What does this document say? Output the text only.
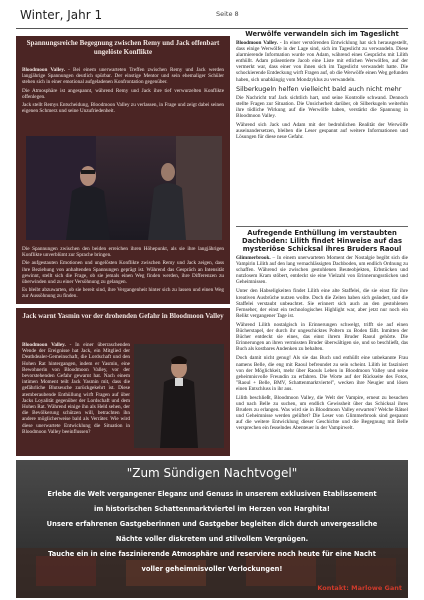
Winter, Jahr 1	Seite 8

Spannungsreiche Begegnung zwischen Remy und Jack offenbart ungelöste Konflikte

Bloodmoon Valley. - Bei einem unerwarteten Treffen zwischen Remy und Jack werden langjährige Spannungen deutlich spürbar. Der einstige Mentor und sein ehemaliger Schüler stehen sich in einer emotional aufgeladenen Konfrontation gegenüber.

Die Atmosphäre ist angespannt, während Remy und Jack ihre tief verwurzelten Konflikte offenlegen.

Jack stellt Remys Entscheidung, Bloodmoon Valley zu verlassen, in Frage und zeigt dabei seinen eigenen Schmerz und seine Unzufriedenheit.

Die Spannungen zwischen den beiden erreichen ihren Höhepunkt, als sie ihre langjährigen Konflikte unverblümt zur Sprache bringen.

Die aufgestauten Emotionen und ungelösten Konflikte zwischen Remy und Jack zeigen, dass ihre Beziehung von anhaltenden Spannungen geprägt ist. Während das Gespräch an Intensität gewinnt, stellt sich die Frage, ob sie jemals einen Weg finden werden, ihre Differenzen zu überwinden und zu einer Versöhnung zu gelangen.

Es bleibt abzuwarten, ob sie bereit sind, ihre Vergangenheit hinter sich zu lassen und einen Weg zur Aussöhnung zu finden.

Jack warnt Yasmin vor der drohenden Gefahr in Bloodmoon Valley

Bloodmoon Valley. - In einer überraschenden Wende der Ereignisse hat Jack, ein Mitglied der Deathdealer-Gemeinschaft, die Lordschaft und den Hohen Rat hintergangen, indem er Yasmin, eine Bewohnerin von Bloodmoon Valley, vor der bevorstehenden Gefahr gewarnt hat. Nach einem intimen Moment teilt Jack Yasmin mit, dass die gefährliche Blutseuche zurückgekehrt ist. Diese atemberaubende Enthüllung wirft Fragen auf über Jacks Loyalität gegenüber der Lordschaft und dem Hohen Rat. Während einige ihn als Held sehen, der die Bevölkerung schützen will, betrachten ihn andere möglicherweise bald als Verräter. Wie wird diese unerwartete Entwicklung die Situation in Bloodmoon Valley beeinflussen?

Werwölfe verwandeln sich im Tageslicht

Bloodmoon Valley. - In einer verstörenden Entwicklung hat sich herausgestellt, dass einige Werwölfe in der Lage sind, sich im Tageslicht zu verwandeln. Diese alarmierende Information wurde von Adam, während eines Gesprächs mit Lilith enthüllt. Adam präsentierte Jacob eine Liste mit etlichen Werwölfen, auf der vermerkt war, dass einer von ihnen sich im Tageslicht verwandelt hatte. Die schockierende Entdeckung wirft Fragen auf, ob die Werwölfe einen Weg gefunden haben, sich unabhängig vom Mondzyklus zu verwandeln.

Silberkugeln helfen vielleicht bald auch nicht mehr

Die Nachricht traf Jack sichtlich hart, und seine Kontrolle schwand. Dennoch stellte Fragen zur Situation. Die Unsicherheit darüber, ob Silberkugeln weiterhin ihre tödliche Wirkung auf die Werwölfe haben, verstärkt die Spannung in Bloodmoon Valley.

Während sich Jack und Adam mit der bedrohlichen Realität der Werwölfe auseinandersetzen, bleiben die Leser gespannt auf weitere Informationen und Lösungen für diese neue Gefahr.

Aufregende Enthüllung im verstaubten Dachboden: Lilith findet Hinweise auf das mysteriöse Schicksal ihres Bruders Raoul

Glimmerbrook. – In einem unerwarteten Moment der Nostalgie begibt sich die Vampirin Lilith auf den lang vernachlässigten Dachboden, um endlich Ordnung zu schaffen. Während sie zwischen gestohlenen Beuteobjekten, Erbstücken und nutzlosem Kram stöbert, entdeckt sie eine Vielzahl von Erinnerungsstücken und Geheimnissen.

Unter den Habseligkeiten findet Lilith eine alte Staffelei, die sie einst für ihre kreativen Ausbrüche nutzen wollte. Doch die Zeiten haben sich geändert, und die Staffelei verstaubt unbeachtet. Sie erinnert sich auch an den gestohlenen Fernseher, der einst ein technologisches Highlight war, aber jetzt nur noch ein Relikt vergangener Tage ist.

Während Lilith nostalgisch in Erinnerungen schwelgt, trifft sie auf einen Bücherstapel, der durch ihr ungeschicktes Poltern zu Boden fällt. Inmitten der Bücher entdeckt sie eines, das einst ihrem Bruder Raoul gehörte. Die Erinnerungen an ihren vermissten Bruder überwältigen sie, und so beschließt, das Buch als kostbares Andenken zu behalten.

Doch damit nicht genug! Als sie das Buch und enthüllt eine unbekannte Frau namens Belle, die eng mit Raoul befreundet zu sein scheint. Lilith ist fasziniert von der Möglichkeit, mehr über Raouls Leben in Bloodmoon Valley und seine geheimnisvolle Freundin zu erfahren. Die Worte auf der Rückseite des Fotos, "Raoul + Belle, BMV, Schattenmarktviertel", wecken ihre Neugier und lösen einen Entschluss in ihr aus.

Lilith beschließt, Bloodmoon Valley, die Welt der Vampire, erneut zu besuchen und nach Belle zu suchen, um endlich Gewissheit über das Schicksal ihres Bruders zu erlangen. Was wird sie in Bloodmoon Valley erwarten? Welche Rätsel und Geheimnisse werden gelüftet? Die Leser von Glimmerbrook sind gespannt auf die weitere Entwicklung dieser Geschichte und die Begegnung mit Belle versprechen ein fesselndes Abenteuer in der Vampirwelt.

"Zum Sündigen Nachtvogel"
Erlebe die Welt vergangener Eleganz und Genuss in unserem exklusiven Etablissement
im historischen Schattenmarktviertel im Herzen von Harghita!
Unsere erfahrenen Gastgeberinnen und Gastgeber begleiten dich durch unvergessliche
Nächte voller diskretem und stilvollem Vergnügen.
Tauche ein in eine faszinierende Atmosphäre und reserviere noch heute für eine Nacht
voller geheimnisvoller Verlockungen!
Kontakt: Marlowe Gant
